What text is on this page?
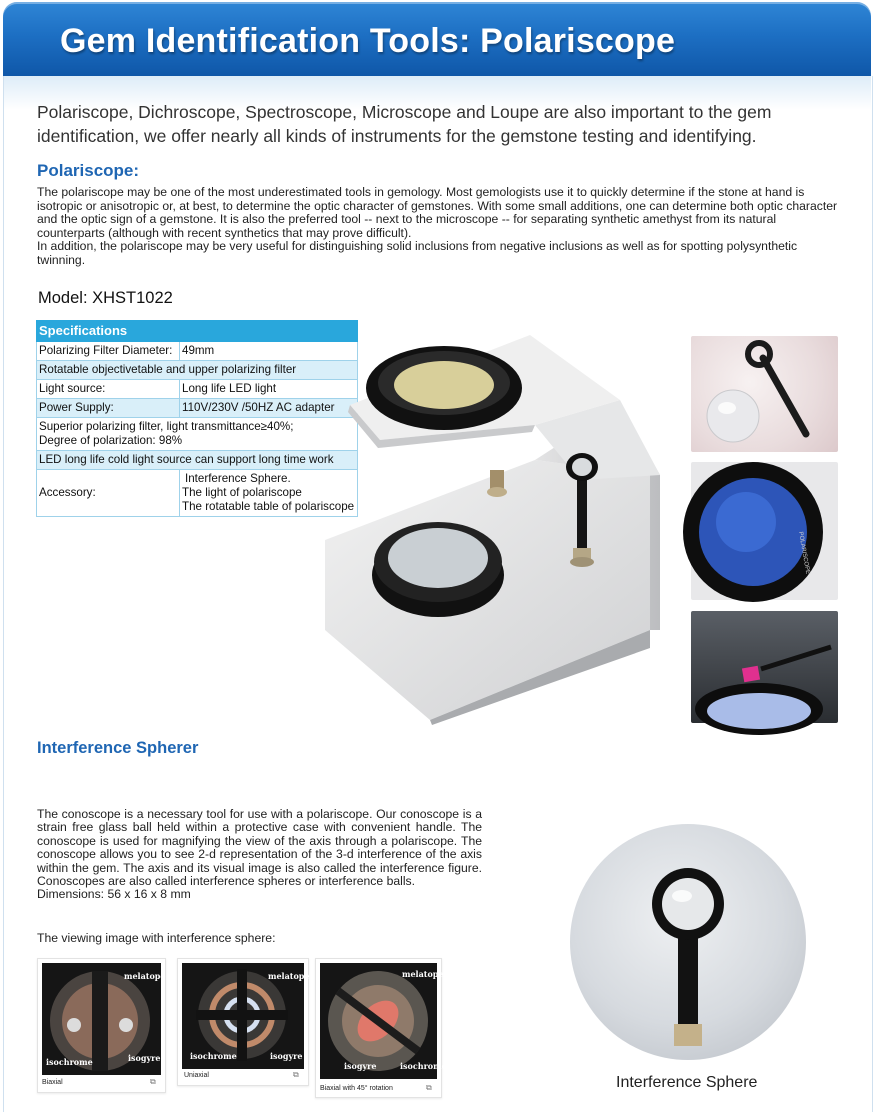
Gem Identification Tools: Polariscope
Polariscope, Dichroscope, Spectroscope, Microscope and Loupe are also important to the gem identification, we offer nearly all kinds of instruments for the gemstone testing and identifying.
Polariscope:

The polariscope may be one of the most underestimated tools in gemology. Most gemologists use it to quickly determine if the stone at hand is isotropic or anisotropic or, at best, to determine the optic character of gemstones. With some small additions, one can determine both optic character and the optic sign of a gemstone. It is also the preferred tool -- next to the microscope -- for separating synthetic amethyst from its natural counterparts (although with recent synthetics that may prove difficult).

In addition, the polariscope may be very useful for distinguishing solid inclusions from negative inclusions as well as for spotting polysynthetic twinning.

Model: XHST1022
Specifications	
Polarizing Filter Diameter:	49mm
Rotatable objectivetable and upper polarizing filter	
Light source:	Long life LED light
Power Supply:	110V/230V /50HZ AC adapter
Superior polarizing filter, light transmittance≥40%; Degree of polarization: 98%	
LED long life cold light source can support long time work	
Accessory:	Interference Sphere.
The light of polariscope
The rotatable table of polariscope
POLARISCOPE
Interference Spherer
The conoscope is a necessary tool for use with a polariscope. Our conoscope is a strain free glass ball held within a protective case with convenient handle. The conoscope is used for magnifying the view of the axis through a polariscope. The conoscope allows you to see 2-d representation of the 3-d interference of the axis within the gem. The axis and its visual image is also called the interference figure. Conoscopes are also called interference spheres or interference balls.
Dimensions: 56 x 16 x 8 mm
The viewing image with interference sphere:
melatope
isochrome	isogyre
Biaxial	⧉
melatope
isochrome	isogyre
Uniaxial	⧉
melatope
isogyre	isochrome
Biaxial with 45° rotation	⧉	Interference Sphere
